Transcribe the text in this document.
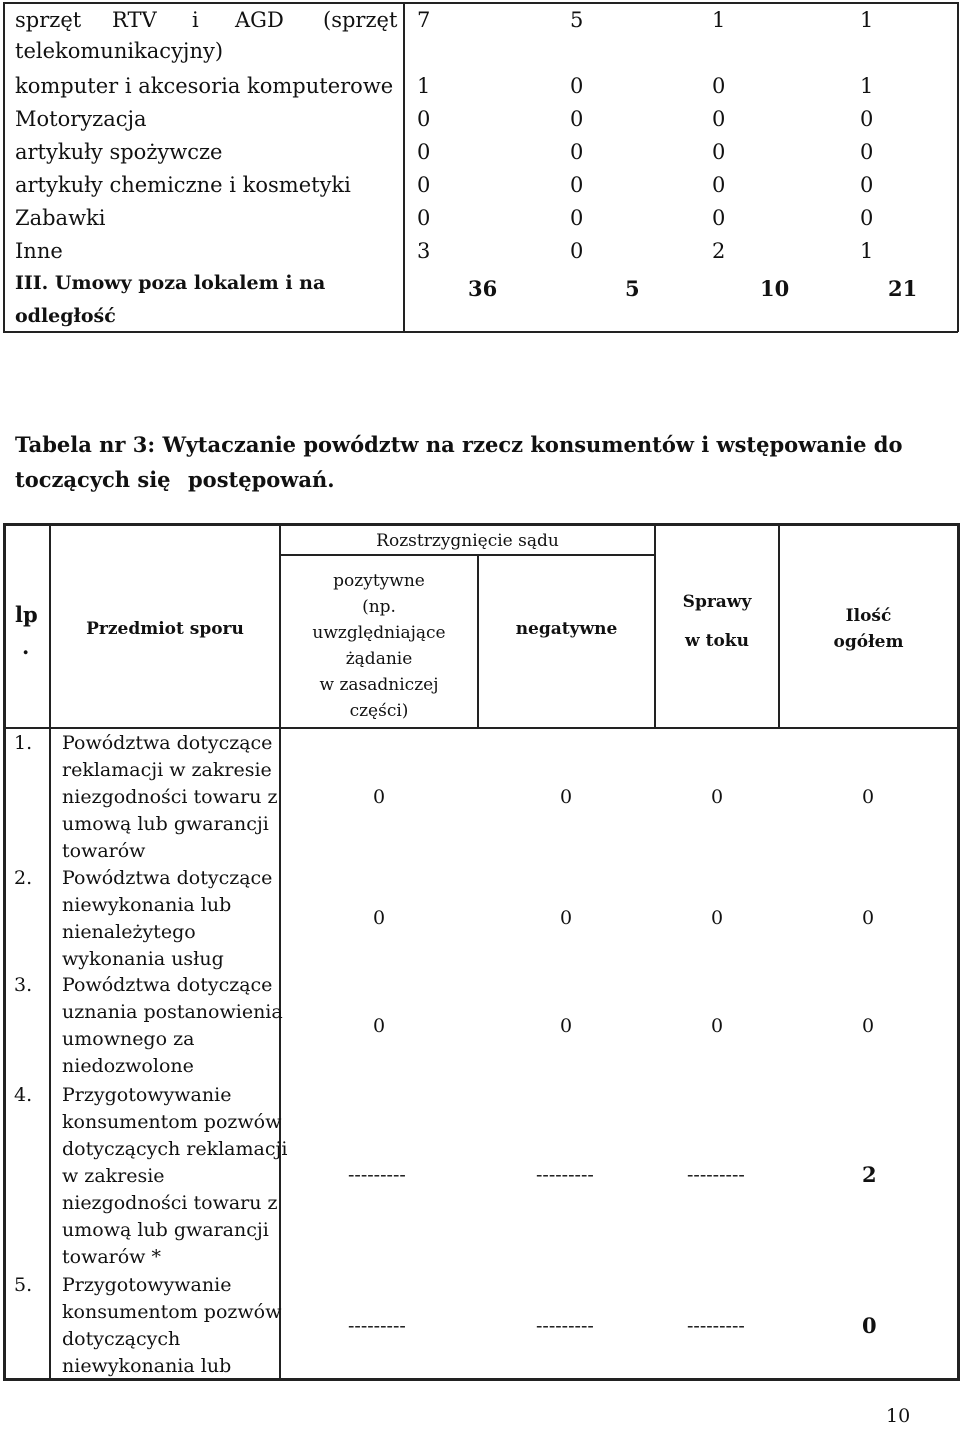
sprzęt RTV i AGD (sprzęt
telekomunikacyjny)
7	5	1	1
komputer i akcesoria komputerowe 1	0	0	1
Motoryzacja	0	0	0	0
artykuły spożywcze	0	0	0	0
artykuły chemiczne i kosmetyki	0	0	0	0
Zabawki	0	0	0	0
Inne	3	0	2	1
III. Umowy poza lokalem i na
odległość
36	5	10	21
Tabela nr 3: Wytaczanie powództw na rzecz konsumentów i wstępowanie do
toczących się postępowań.
Rozstrzygnięcie sądu
lp
.
Przedmiot sporu
pozytywne
(np.
uwzględniające
żądanie
w zasadniczej
części)
negatywne
Sprawy
w toku
Ilość
ogółem
1. Powództwa dotyczące
reklamacji w zakresie
niezgodności towaru z
umową lub gwarancji
towarów
0	0	0	0
2. Powództwa dotyczące
niewykonania lub
nienależytego
wykonania usług
0	0	0	0
3. Powództwa dotyczące
uznania postanowienia
umownego za
niedozwolone
0	0	0	0
4. Przygotowywanie
konsumentom pozwów
dotyczących reklamacji
w zakresie
niezgodności towaru z
umową lub gwarancji
towarów *
---------	---------	---------	2
5. Przygotowywanie
konsumentom pozwów
dotyczących
niewykonania lub
---------	---------	---------	0
10
